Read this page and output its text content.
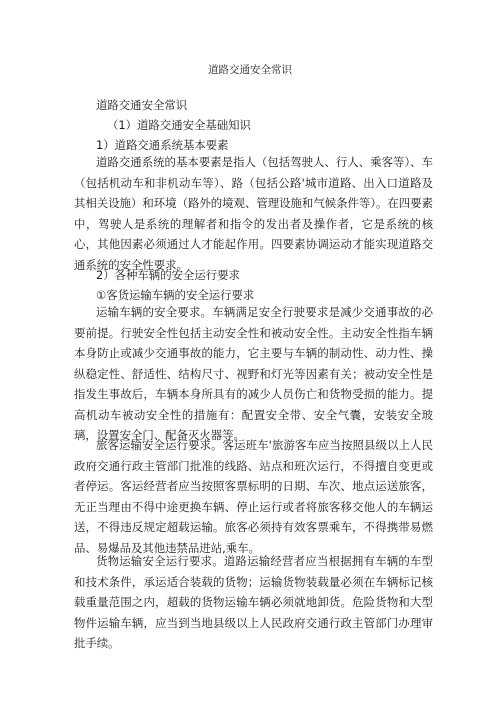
道路交通安全常识
道路交通安全常识
（1）道路交通安全基础知识
1）道路交通系统基本要素

道路交通系统的基本要素是指人（包括驾驶人、行人、乘客等）、车（包括机动车和非机动车等）、路（包括公路'城市道路、出入口道路及其相关设施）和环境（路外的境观、管理设施和气候条件等）。在四要素中，驾驶人是系统的理解者和指令的发出者及操作者，它是系统的核心，其他因素必须通过人才能起作用。四要素协调运动才能实现道路交通系统的安全性要求。

2）各种车辆的安全运行要求
①客货运输车辆的安全运行要求

运输车辆的安全要求。车辆满足安全行驶要求是减少交通事故的必要前提。行驶安全性包括主动安全性和被动安全性。主动安全性指车辆本身防止或减少交通事故的能力，它主要与车辆的制动性、动力性、操纵稳定性、舒适性、结构尺寸、视野和灯光等因素有关；被动安全性是指发生事故后，车辆本身所具有的减少人员伤亡和货物受损的能力。提高机动车被动安全性的措施有：配置安全带、安全气囊，安装安全玻璃，设置安全门、配备灭火器等。

旅客运输安全运行要求。客运班车'旅游客车应当按照县级以上人民政府交通行政主管部门批准的线路、站点和班次运行，不得擅自变更或者停运。客运经营者应当按照客票标明的日期、车次、地点运送旅客，无正当理由不得中途更换车辆、停止运行或者将旅客移交他人的车辆运送，不得违反规定超载运输。旅客必须持有效客票乘车，不得携带易燃品、易爆品及其他违禁品进站,乘车。

货物运输安全运行要求。道路运输经营者应当根据拥有车辆的车型和技术条件，承运适合装载的货物；运输货物装载量必须在车辆标记核载重量范围之内，超载的货物运输车辆必须就地卸货。危险货物和大型物件运输车辆，应当到当地县级以上人民政府交通行政主管部门办理审批手续。
